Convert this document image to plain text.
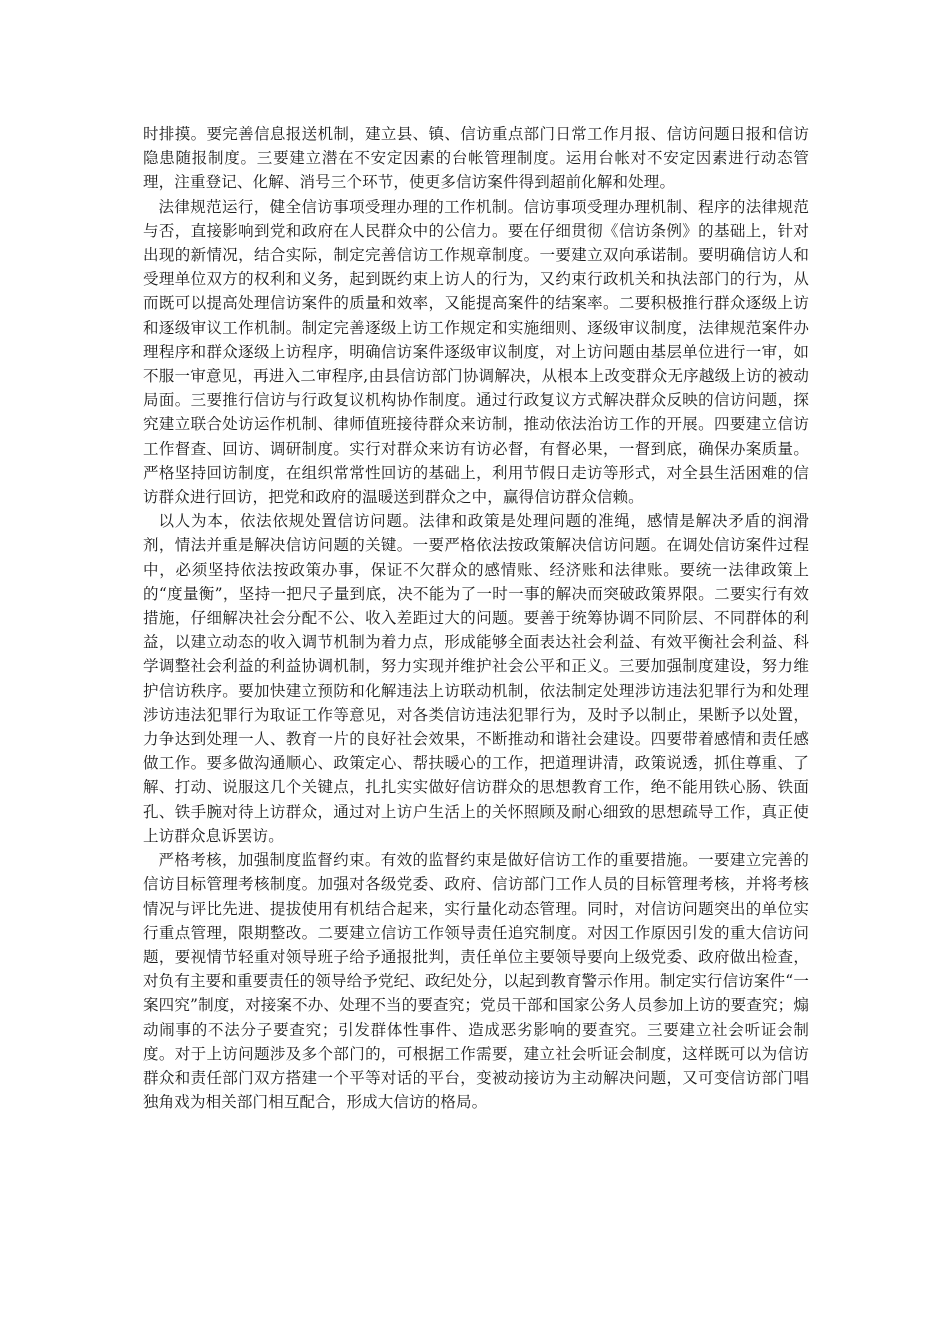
时排摸。要完善信息报送机制，建立县、镇、信访重点部门日常工作月报、信访问题日报和信访隐患随报制度。三要建立潜在不安定因素的台帐管理制度。运用台帐对不安定因素进行动态管理，注重登记、化解、消号三个环节，使更多信访案件得到超前化解和处理。

法律规范运行，健全信访事项受理办理的工作机制。信访事项受理办理机制、程序的法律规范与否，直接影响到党和政府在人民群众中的公信力。要在仔细贯彻《信访条例》的基础上，针对出现的新情况，结合实际，制定完善信访工作规章制度。一要建立双向承诺制。要明确信访人和受理单位双方的权利和义务，起到既约束上访人的行为，又约束行政机关和执法部门的行为，从而既可以提高处理信访案件的质量和效率，又能提高案件的结案率。二要积极推行群众逐级上访和逐级审议工作机制。制定完善逐级上访工作规定和实施细则、逐级审议制度，法律规范案件办理程序和群众逐级上访程序，明确信访案件逐级审议制度，对上访问题由基层单位进行一审，如不服一审意见，再进入二审程序,由县信访部门协调解决，从根本上改变群众无序越级上访的被动局面。三要推行信访与行政复议机构协作制度。通过行政复议方式解决群众反映的信访问题，探究建立联合处访运作机制、律师值班接待群众来访制，推动依法治访工作的开展。四要建立信访工作督查、回访、调研制度。实行对群众来访有访必督，有督必果，一督到底，确保办案质量。严格坚持回访制度，在组织常常性回访的基础上，利用节假日走访等形式，对全县生活困难的信访群众进行回访，把党和政府的温暖送到群众之中，赢得信访群众信赖。

以人为本，依法依规处置信访问题。法律和政策是处理问题的准绳，感情是解决矛盾的润滑剂，情法并重是解决信访问题的关键。一要严格依法按政策解决信访问题。在调处信访案件过程中，必须坚持依法按政策办事，保证不欠群众的感情账、经济账和法律账。要统一法律政策上的“度量衡”，坚持一把尺子量到底，决不能为了一时一事的解决而突破政策界限。二要实行有效措施，仔细解决社会分配不公、收入差距过大的问题。要善于统筹协调不同阶层、不同群体的利益，以建立动态的收入调节机制为着力点，形成能够全面表达社会利益、有效平衡社会利益、科学调整社会利益的利益协调机制，努力实现并维护社会公平和正义。三要加强制度建设，努力维护信访秩序。要加快建立预防和化解违法上访联动机制，依法制定处理涉访违法犯罪行为和处理涉访违法犯罪行为取证工作等意见，对各类信访违法犯罪行为，及时予以制止，果断予以处置，力争达到处理一人、教育一片的良好社会效果，不断推动和谐社会建设。四要带着感情和责任感做工作。要多做沟通顺心、政策定心、帮扶暖心的工作，把道理讲清，政策说透，抓住尊重、了解、打动、说服这几个关键点，扎扎实实做好信访群众的思想教育工作，绝不能用铁心肠、铁面孔、铁手腕对待上访群众，通过对上访户生活上的关怀照顾及耐心细致的思想疏导工作，真正使上访群众息诉罢访。

严格考核，加强制度监督约束。有效的监督约束是做好信访工作的重要措施。一要建立完善的信访目标管理考核制度。加强对各级党委、政府、信访部门工作人员的目标管理考核，并将考核情况与评比先进、提拔使用有机结合起来，实行量化动态管理。同时，对信访问题突出的单位实行重点管理，限期整改。二要建立信访工作领导责任追究制度。对因工作原因引发的重大信访问题，要视情节轻重对领导班子给予通报批判，责任单位主要领导要向上级党委、政府做出检查，对负有主要和重要责任的领导给予党纪、政纪处分，以起到教育警示作用。制定实行信访案件“一案四究”制度，对接案不办、处理不当的要查究；党员干部和国家公务人员参加上访的要查究；煽动闹事的不法分子要查究；引发群体性事件、造成恶劣影响的要查究。三要建立社会听证会制度。对于上访问题涉及多个部门的，可根据工作需要，建立社会听证会制度，这样既可以为信访群众和责任部门双方搭建一个平等对话的平台，变被动接访为主动解决问题，又可变信访部门唱独角戏为相关部门相互配合，形成大信访的格局。
